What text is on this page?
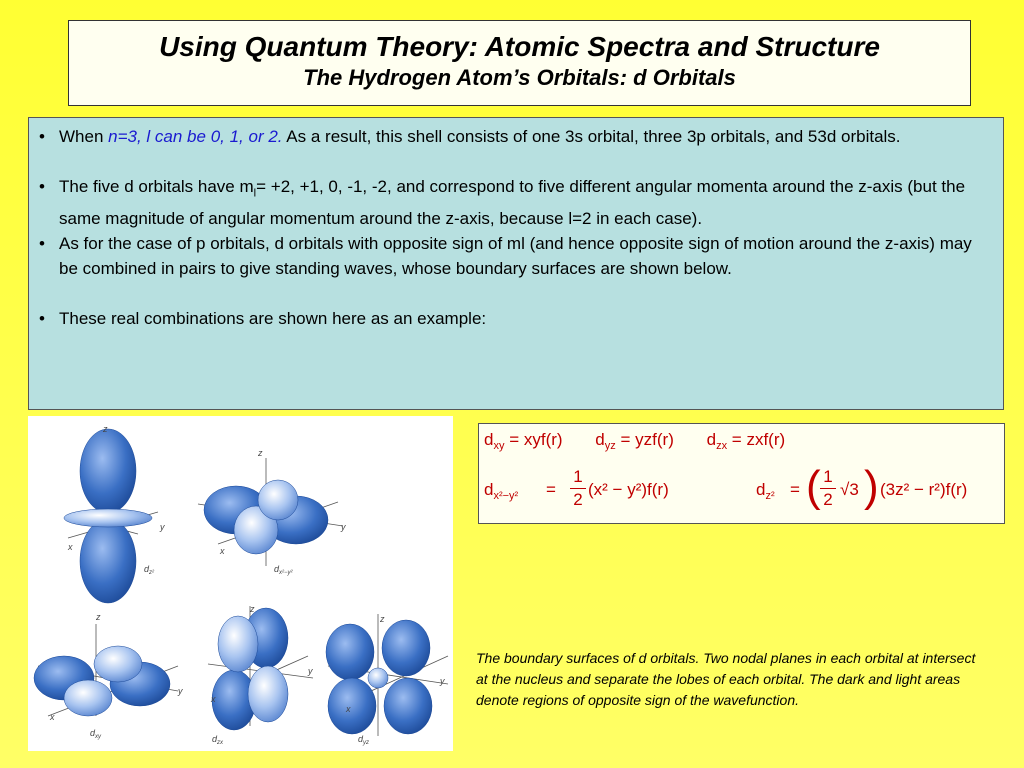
Using Quantum Theory: Atomic Spectra and Structure
The Hydrogen Atom’s Orbitals: d Orbitals
• When n=3, l can be 0, 1, or 2. As a result, this shell consists of one 3s orbital, three 3p orbitals, and 53d orbitals.
• The five d orbitals have $m_l= +2$, +1, 0, -1, -2, and correspond to five different angular momenta around the z-axis (but the same magnitude of angular momentum around the z-axis, because l=2 in each case).
• As for the case of p orbitals, d orbitals with opposite sign of ml (and hence opposite sign of motion around the z-axis) may be combined in pairs to give standing waves, whose boundary surfaces are shown below.
• These real combinations are shown here as an example:
z
x
y
$d_{z^2}$
z
x
y
$d_{x^2-y^2}$
z
x
y
$d_{xy}$
z
x
y
$d_{zx}$
z
x
y
$d_{yz}$
$d_{xy} = xyf(r) d_{yz} = yzf(r) d_{zx} = zxf(r)$
$d_{x^2-y^2} = \frac{1}{2} (x^2 - y^2)f(r)$	$d_{z^2}$ = ( $\frac{1}{2} √3$ ) (3z² − r²)f(r)
The boundary surfaces of d orbitals. Two nodal planes in each orbital at intersect at the nucleus and separate the lobes of each orbital. The dark and light areas denote regions of opposite sign of the wavefunction.
